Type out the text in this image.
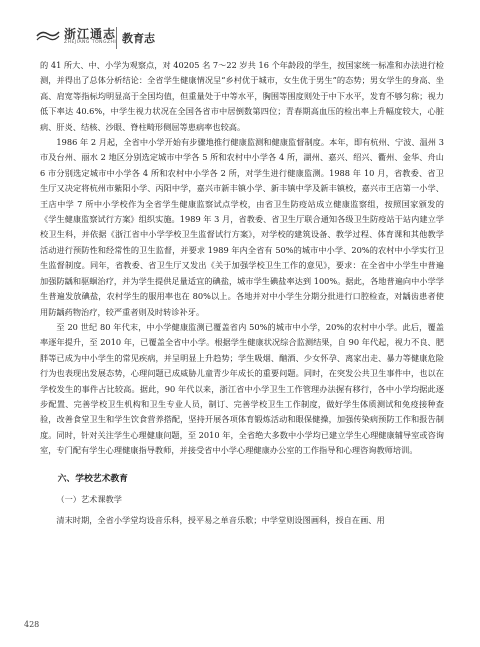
浙江通志
ZHEJIANG TONGZHI 教育志

的 41 所大、中、小学为观察点，对 40205 名 7～22 岁共 16 个年龄段的学生，按国家统一标准和办法进行检测，并得出了总体分析结论：全省学生健康情况呈“乡村优于城市，女生优于男生”的态势；男女学生的身高、坐高、肩宽等指标均明显高于全国均值，但重量处于中等水平，胸围等围度则处于中下水平，发育不够匀称；视力低下率达 40.6%，中学生视力状况在全国各省市中居倒数第四位；青春期高血压的检出率上升幅度较大，心脏病、肝炎、结核、沙眼、脊柱畸形侧屈等患病率也较高。

1986 年 2 月起，全省中小学开始有步骤地推行健康监测和健康监督制度。本年，即有杭州、宁波、温州 3 市及台州、丽水 2 地区分别选定城市中学各 5 所和农村中小学各 4 所，湖州、嘉兴、绍兴、衢州、金华、舟山 6 市分别选定城市中小学各 4 所和农村中小学各 2 所，对学生进行健康监测。1988 年 10 月，省教委、省卫生厅又决定将杭州市紫阳小学、丙阳中学，嘉兴市新丰镇小学、新丰镇中学及新丰镇校，嘉兴市王店第一小学、王店中学 7 所中小学校作为全省学生健康监察试点学校，由省卫生防疫站成立健康监察组，按照国家颁发的《学生健康监察试行方案》组织实施。1989 年 3 月，省教委、省卫生厅联合通知各级卫生防疫站于站内建立学校卫生科，并依据《浙江省中小学学校卫生监督试行方案》，对学校的建筑设备、教学过程、体育课和其他教学活动进行预防性和经常性的卫生监督，并要求 1989 年内全省有 50%的城市中小学、20%的农村中小学实行卫生监督制度。同年，省教委、省卫生厅又发出《关于加强学校卫生工作的意见》，要求：在全省中小学生中普遍加强防龋和驱蛔治疗，并为学生提供足量适宜的碘盐，城市学生碘盐率达到 100%。据此，各地普遍向中小学学生普遍发放碘盐，农村学生的服用率也在 80%以上。各地并对中小学生分期分批进行口腔检查，对龋齿患者使用防龋药物治疗，较严重者则及时转诊补牙。

至 20 世纪 80 年代末，中小学健康监测已覆盖省内 50%的城市中小学，20%的农村中小学。此后，覆盖率逐年提升，至 2010 年，已覆盖全省中小学。根据学生健康状况综合监测结果，自 90 年代起，视力不良、肥胖等已成为中小学生的常见疾病，并呈明显上升趋势；学生吸烟、酗酒、少女怀孕、离家出走、暴力等健康危险行为也表现出发展态势，心理问题已成威胁儿童青少年成长的重要问题。同时，在突发公共卫生事件中，也以在学校发生的事件占比较高。据此，90 年代以来，浙江省中小学卫生工作管理办法握有移行，各中小学均据此逐步配置、完善学校卫生机构和卫生专业人员，制订、完善学校卫生工作制度，做好学生体质测试和免疫接种查验，改善食堂卫生和学生饮食营养搭配，坚持开展各项体育锻炼活动和眼保健操，加强传染病预防工作和报告制度。同时，针对关注学生心理健康问题，至 2010 年，全省绝大多数中小学均已建立学生心理健康辅导室或咨询室，专门配有学生心理健康指导教师，并接受省中小学心理健康办公室的工作指导和心理咨询教师培训。

六、学校艺术教育
（一）艺术课教学

清末时期，全省小学堂均设音乐科，授平易之单音乐歌；中学堂则设图画科，授自在画、用

428
